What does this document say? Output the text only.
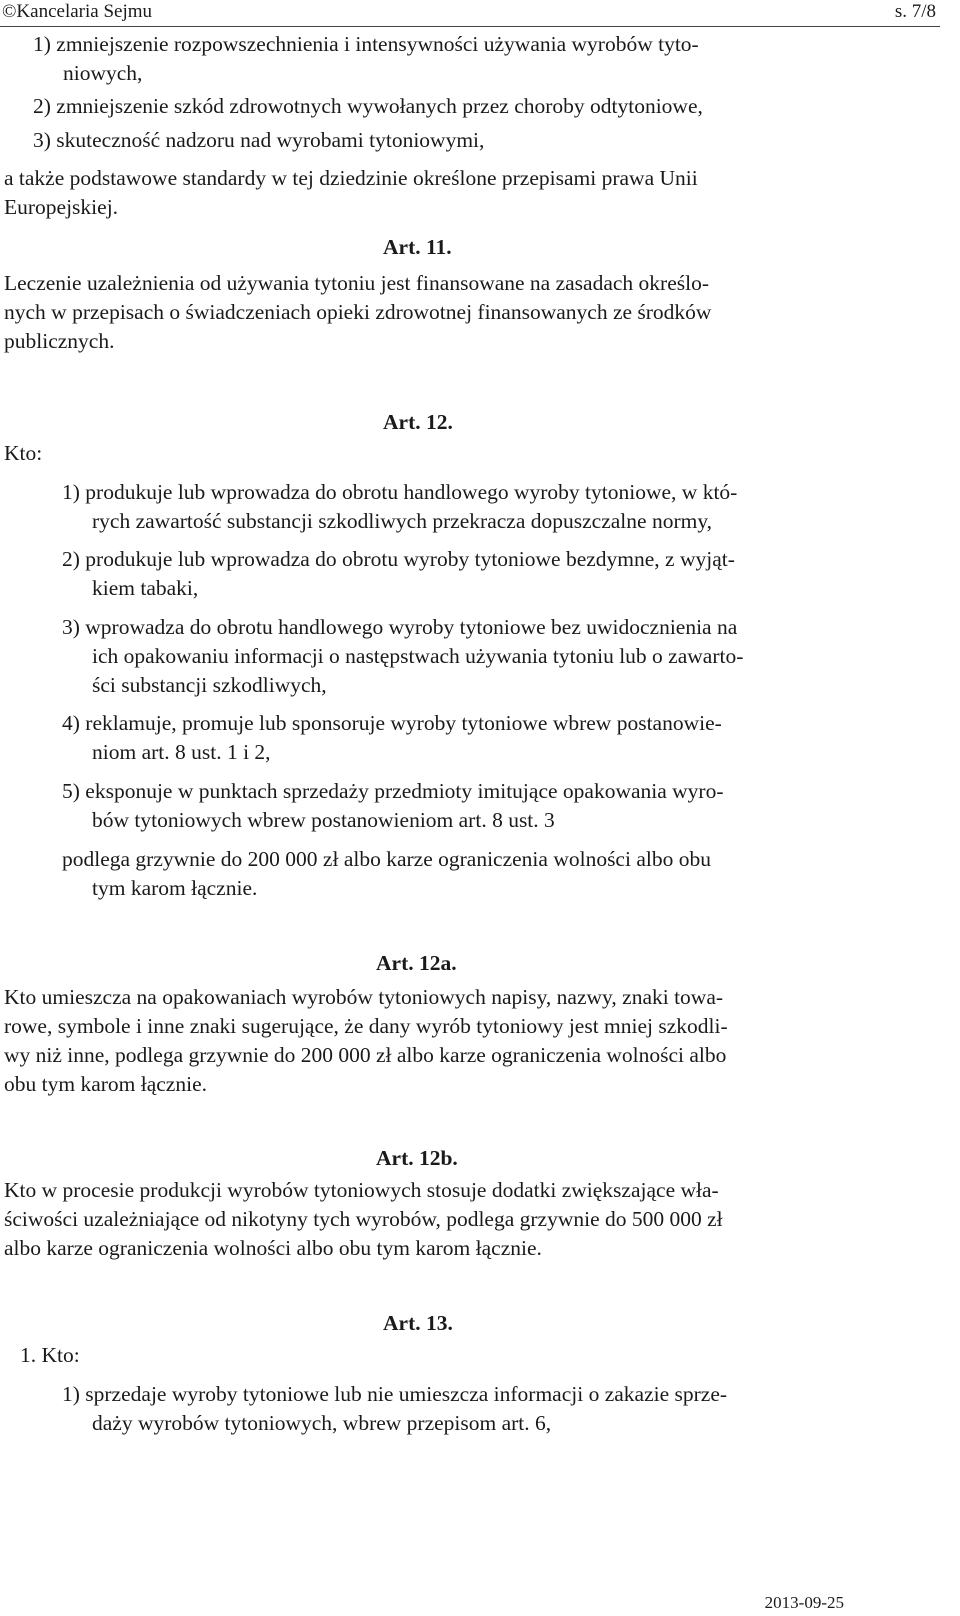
©Kancelaria Sejmu	s. 7/8
1) zmniejszenie rozpowszechnienia i intensywności używania wyrobów tyto-
niowych,
2) zmniejszenie szkód zdrowotnych wywołanych przez choroby odtytoniowe,
3) skuteczność nadzoru nad wyrobami tytoniowymi,
a także podstawowe standardy w tej dziedzinie określone przepisami prawa Unii
Europejskiej.
Art. 11.
Leczenie uzależnienia od używania tytoniu jest finansowane na zasadach określo-
nych w przepisach o świadczeniach opieki zdrowotnej finansowanych ze środków
publicznych.
Art. 12.
Kto:
1) produkuje lub wprowadza do obrotu handlowego wyroby tytoniowe, w któ-
rych zawartość substancji szkodliwych przekracza dopuszczalne normy,
2) produkuje lub wprowadza do obrotu wyroby tytoniowe bezdymne, z wyjąt-
kiem tabaki,
3) wprowadza do obrotu handlowego wyroby tytoniowe bez uwidocznienia na
ich opakowaniu informacji o następstwach używania tytoniu lub o zawarto-
ści substancji szkodliwych,
4) reklamuje, promuje lub sponsoruje wyroby tytoniowe wbrew postanowie-
niom art. 8 ust. 1 i 2,
5) eksponuje w punktach sprzedaży przedmioty imitujące opakowania wyro-
bów tytoniowych wbrew postanowieniom art. 8 ust. 3
podlega grzywnie do 200 000 zł albo karze ograniczenia wolności albo obu
tym karom łącznie.
Art. 12a.
Kto umieszcza na opakowaniach wyrobów tytoniowych napisy, nazwy, znaki towa-
rowe, symbole i inne znaki sugerujące, że dany wyrób tytoniowy jest mniej szkodli-
wy niż inne, podlega grzywnie do 200 000 zł albo karze ograniczenia wolności albo
obu tym karom łącznie.
Art. 12b.
Kto w procesie produkcji wyrobów tytoniowych stosuje dodatki zwiększające wła-
ściwości uzależniające od nikotyny tych wyrobów, podlega grzywnie do 500 000 zł
albo karze ograniczenia wolności albo obu tym karom łącznie.
Art. 13.
1. Kto:
1) sprzedaje wyroby tytoniowe lub nie umieszcza informacji o zakazie sprze-
daży wyrobów tytoniowych, wbrew przepisom art. 6,
2013-09-25
